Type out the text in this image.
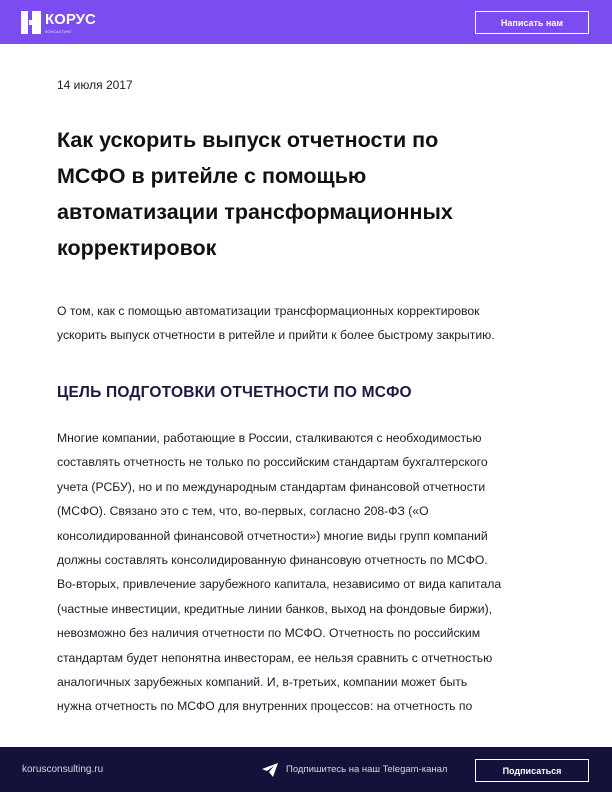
КОРУС
КОНСАЛТИНГ
Написать нам
14 июля 2017
Как ускорить выпуск отчетности по
МСФО в ритейле с помощью
автоматизации трансформационных
корректировок

О том, как с помощью автоматизации трансформационных корректировок
ускорить выпуск отчетности в ритейле и прийти к более быстрому закрытию.

ЦЕЛЬ ПОДГОТОВКИ ОТЧЕТНОСТИ ПО МСФО

Многие компании, работающие в России, сталкиваются с необходимостью
составлять отчетность не только по российским стандартам бухгалтерского
учета (РСБУ), но и по международным стандартам финансовой отчетности
(МСФО). Связано это с тем, что, во-первых, согласно 208-ФЗ («О
консолидированной финансовой отчетности») многие виды групп компаний
должны составлять консолидированную финансовую отчетность по МСФО.
Во-вторых, привлечение зарубежного капитала, независимо от вида капитала
(частные инвестиции, кредитные линии банков, выход на фондовые биржи),
невозможно без наличия отчетности по МСФО. Отчетность по российским
стандартам будет непонятна инвесторам, ее нельзя сравнить с отчетностью
аналогичных зарубежных компаний. И, в-третьих, компании может быть
нужна отчетность по МСФО для внутренних процессов: на отчетность по

korusconsulting.ru	Подпишитесь на наш Telegam-канал	Подписаться
